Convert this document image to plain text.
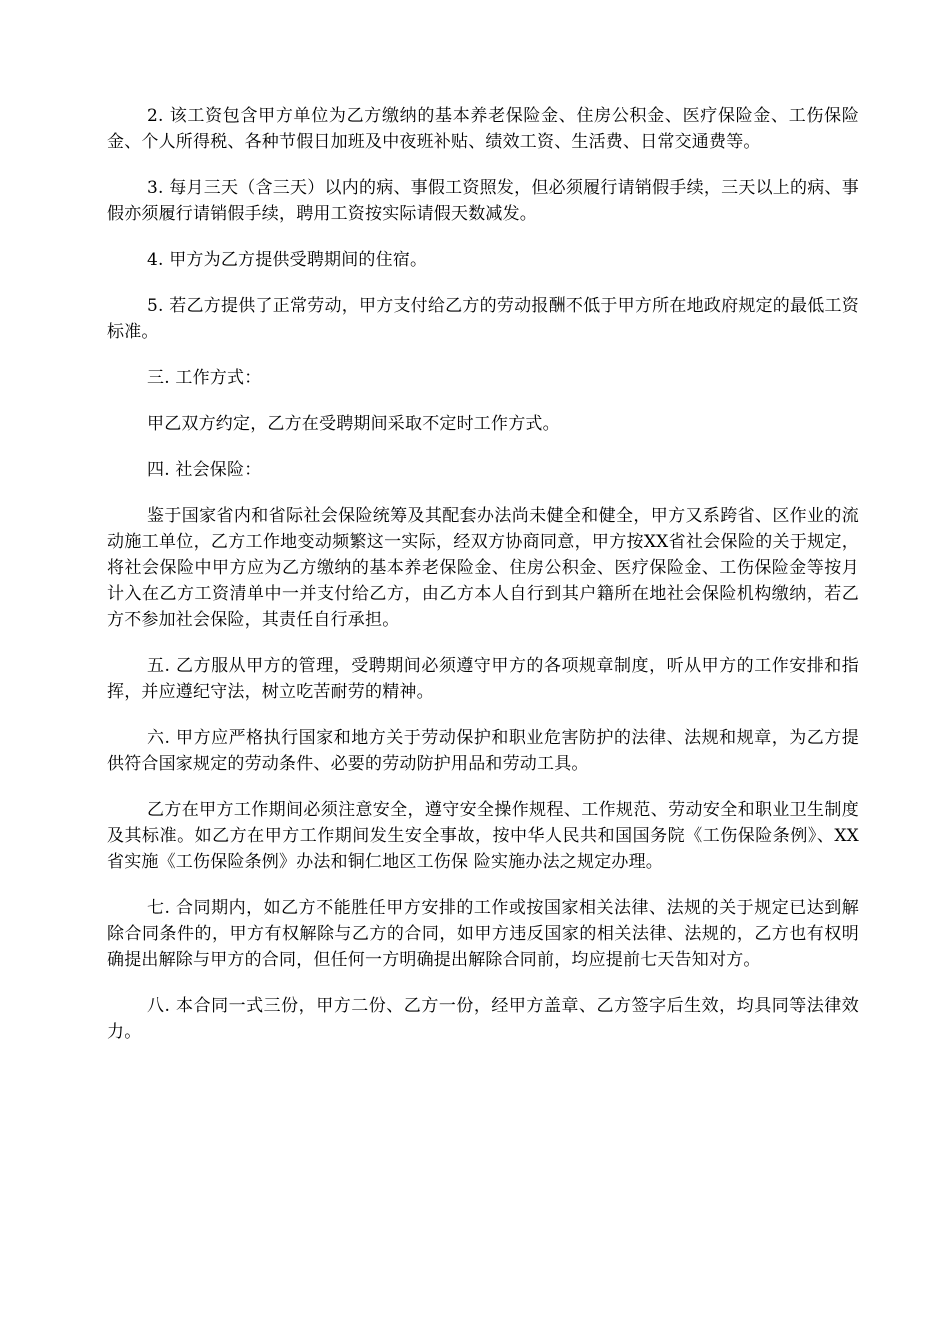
2. 该工资包含甲方单位为乙方缴纳的基本养老保险金、住房公积金、医疗保险金、工伤保险金、个人所得税、各种节假日加班及中夜班补贴、绩效工资、生活费、日常交通费等。

3. 每月三天（含三天）以内的病、事假工资照发，但必须履行请销假手续，三天以上的病、事假亦须履行请销假手续，聘用工资按实际请假天数减发。

4. 甲方为乙方提供受聘期间的住宿。

5. 若乙方提供了正常劳动，甲方支付给乙方的劳动报酬不低于甲方所在地政府规定的最低工资标准。

三. 工作方式：

甲乙双方约定，乙方在受聘期间采取不定时工作方式。

四. 社会保险：

鉴于国家省内和省际社会保险统筹及其配套办法尚未健全和健全，甲方又系跨省、区作业的流动施工单位，乙方工作地变动频繁这一实际，经双方协商同意，甲方按XX省社会保险的关于规定，将社会保险中甲方应为乙方缴纳的基本养老保险金、住房公积金、医疗保险金、工伤保险金等按月计入在乙方工资清单中一并支付给乙方，由乙方本人自行到其户籍所在地社会保险机构缴纳，若乙方不参加社会保险，其责任自行承担。

五. 乙方服从甲方的管理，受聘期间必须遵守甲方的各项规章制度，听从甲方的工作安排和指挥，并应遵纪守法，树立吃苦耐劳的精神。

六. 甲方应严格执行国家和地方关于劳动保护和职业危害防护的法律、法规和规章，为乙方提供符合国家规定的劳动条件、必要的劳动防护用品和劳动工具。

乙方在甲方工作期间必须注意安全，遵守安全操作规程、工作规范、劳动安全和职业卫生制度及其标准。如乙方在甲方工作期间发生安全事故，按中华人民共和国国务院《工伤保险条例》、XX省实施《工伤保险条例》办法和铜仁地区工伤保 险实施办法之规定办理。

七. 合同期内，如乙方不能胜任甲方安排的工作或按国家相关法律、法规的关于规定已达到解除合同条件的，甲方有权解除与乙方的合同，如甲方违反国家的相关法律、法规的，乙方也有权明确提出解除与甲方的合同，但任何一方明确提出解除合同前，均应提前七天告知对方。

八. 本合同一式三份，甲方二份、乙方一份，经甲方盖章、乙方签字后生效，均具同等法律效力。
